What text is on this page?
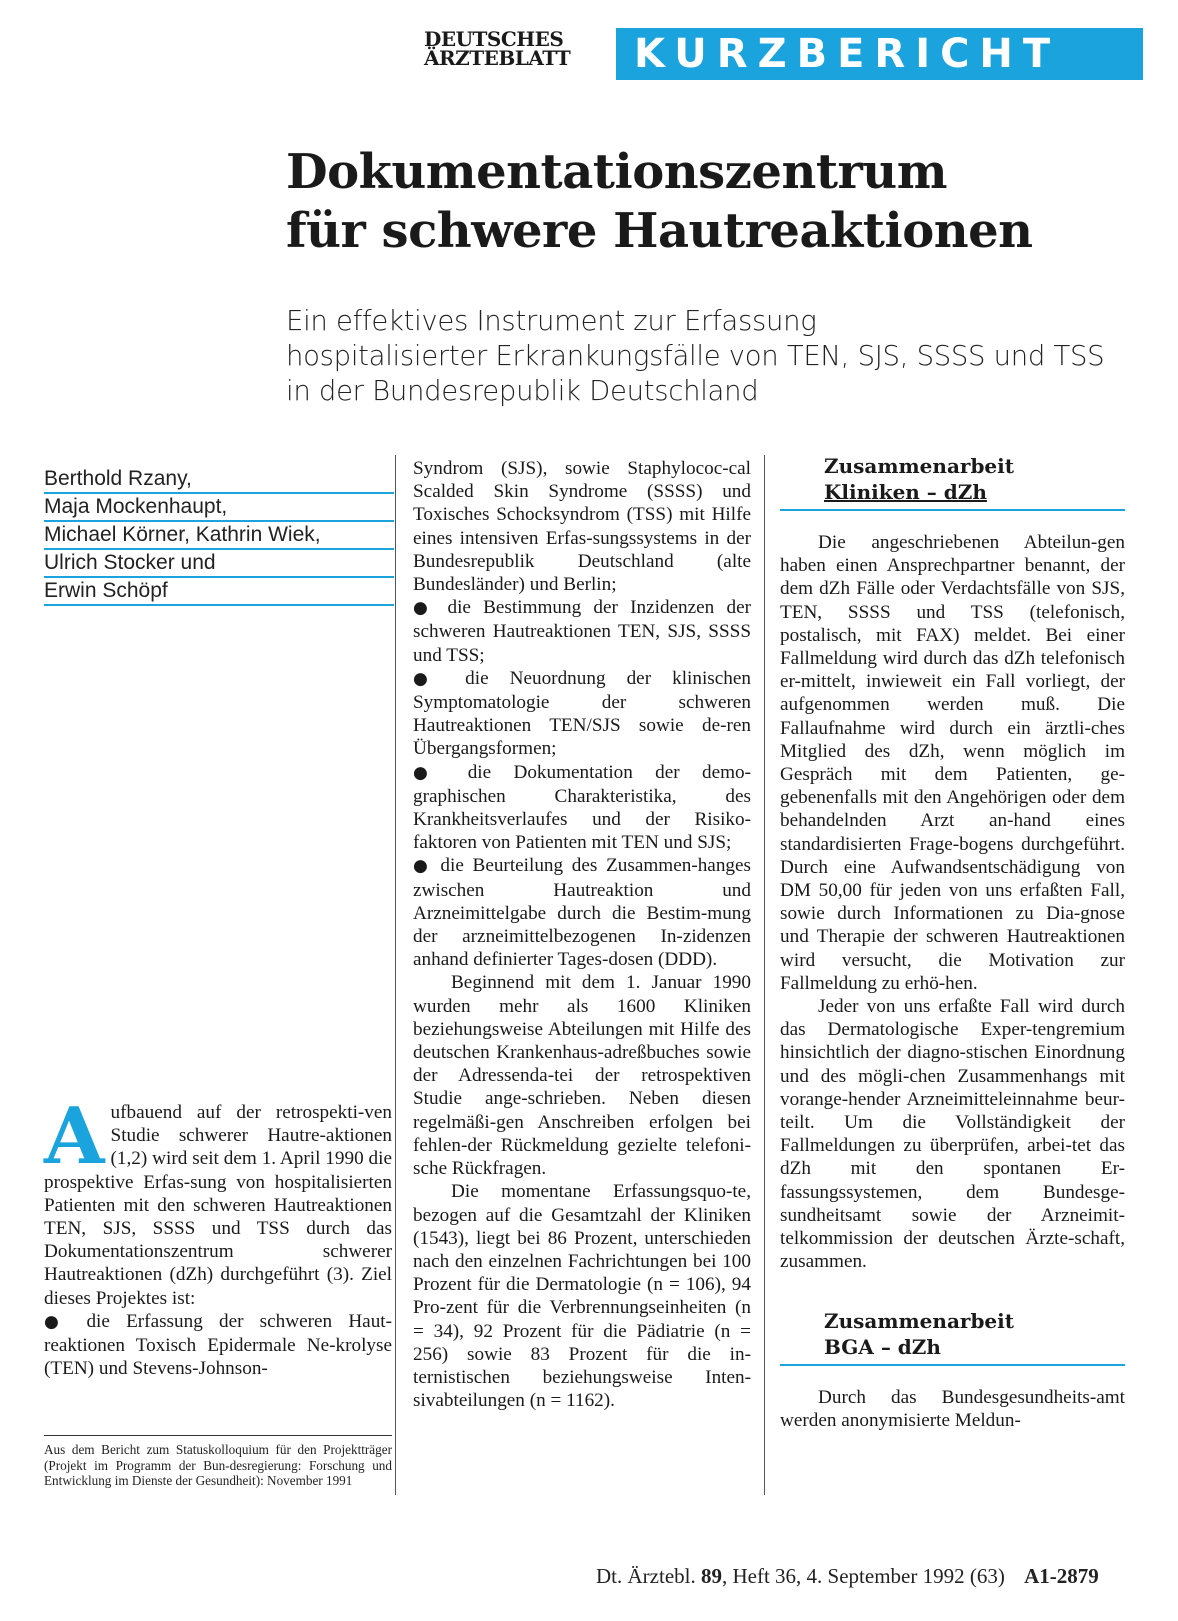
DEUTSCHES
ÄRZTEBLATT KURZBERICHT
Dokumentationszentrum
für schwere Hautreaktionen
Ein effektives Instrument zur Erfassung
hospitalisierter Erkrankungsfälle von TEN, SJS, SSSS und TSS
in der Bundesrepublik Deutschland
Berthold Rzany,
Maja Mockenhaupt,
Michael Körner, Kathrin Wiek,
Ulrich Stocker und
Erwin Schöpf
A ufbauend auf der retrospekti-ven Studie schwerer Hautre-aktionen (1,2) wird seit dem 1. April 1990 die prospektive Erfas-sung von hospitalisierten Patienten mit den schweren Hautreaktionen TEN, SJS, SSSS und TSS durch das Dokumentationszentrum schwerer Hautreaktionen (dZh) durchgeführt (3). Ziel dieses Projektes ist:

● die Erfassung der schweren Haut-reaktionen Toxisch Epidermale Ne-krolyse (TEN) und Stevens-Johnson-

Aus dem Bericht zum Statuskolloquium für den Projektträger (Projekt im Programm der Bun-desregierung: Forschung und Entwicklung im Dienste der Gesundheit): November 1991

Syndrom (SJS), sowie Staphylococ-cal Scalded Skin Syndrome (SSSS) und Toxisches Schocksyndrom (TSS) mit Hilfe eines intensiven Erfas-sungssystems in der Bundesrepublik Deutschland (alte Bundesländer) und Berlin;

● die Bestimmung der Inzidenzen der schweren Hautreaktionen TEN, SJS, SSSS und TSS;

● die Neuordnung der klinischen Symptomatologie der schweren Hautreaktionen TEN/SJS sowie de-ren Übergangsformen;

● die Dokumentation der demo-graphischen Charakteristika, des Krankheitsverlaufes und der Risiko-faktoren von Patienten mit TEN und SJS;

● die Beurteilung des Zusammen-hanges zwischen Hautreaktion und Arzneimittelgabe durch die Bestim-mung der arzneimittelbezogenen In-zidenzen anhand definierter Tages-dosen (DDD).

Beginnend mit dem 1. Januar 1990 wurden mehr als 1600 Kliniken beziehungsweise Abteilungen mit Hilfe des deutschen Krankenhaus-adreßbuches sowie der Adressenda-tei der retrospektiven Studie ange-schrieben. Neben diesen regelmäßi-gen Anschreiben erfolgen bei fehlen-der Rückmeldung gezielte telefoni-sche Rückfragen.

Die momentane Erfassungsquo-te, bezogen auf die Gesamtzahl der Kliniken (1543), liegt bei 86 Prozent, unterschieden nach den einzelnen Fachrichtungen bei 100 Prozent für die Dermatologie (n = 106), 94 Pro-zent für die Verbrennungseinheiten (n = 34), 92 Prozent für die Pädiatrie (n = 256) sowie 83 Prozent für die in-ternistischen beziehungsweise Inten-sivabteilungen (n = 1162).

Zusammenarbeit
Kliniken – dZh

Die angeschriebenen Abteilun-gen haben einen Ansprechpartner benannt, der dem dZh Fälle oder Verdachtsfälle von SJS, TEN, SSSS und TSS (telefonisch, postalisch, mit FAX) meldet. Bei einer Fallmeldung wird durch das dZh telefonisch er-mittelt, inwieweit ein Fall vorliegt, der aufgenommen werden muß. Die Fallaufnahme wird durch ein ärztli-ches Mitglied des dZh, wenn möglich im Gespräch mit dem Patienten, ge-gebenenfalls mit den Angehörigen oder dem behandelnden Arzt an-hand eines standardisierten Frage-bogens durchgeführt. Durch eine Aufwandsentschädigung von DM 50,00 für jeden von uns erfaßten Fall, sowie durch Informationen zu Dia-gnose und Therapie der schweren Hautreaktionen wird versucht, die Motivation zur Fallmeldung zu erhö-hen.

Jeder von uns erfaßte Fall wird durch das Dermatologische Exper-tengremium hinsichtlich der diagno-stischen Einordnung und des mögli-chen Zusammenhangs mit vorange-hender Arzneimitteleinnahme beur-teilt. Um die Vollständigkeit der Fallmeldungen zu überprüfen, arbei-tet das dZh mit den spontanen Er-fassungssystemen, dem Bundesge-sundheitsamt sowie der Arzneimit-telkommission der deutschen Ärzte-schaft, zusammen.

Zusammenarbeit
BGA – dZh

Durch das Bundesgesundheits-amt werden anonymisierte Meldun-

Dt. Ärztebl. 89, Heft 36, 4. September 1992 (63) A1-2879
